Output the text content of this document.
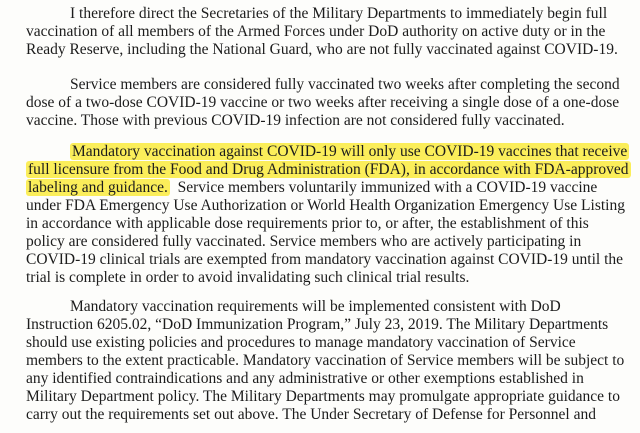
I therefore direct the Secretaries of the Military Departments to immediately begin full
vaccination of all members of the Armed Forces under DoD authority on active duty or in the
Ready Reserve, including the National Guard, who are not fully vaccinated against COVID-19.
Service members are considered fully vaccinated two weeks after completing the second
dose of a two-dose COVID-19 vaccine or two weeks after receiving a single dose of a one-dose
vaccine. Those with previous COVID-19 infection are not considered fully vaccinated.
Mandatory vaccination against COVID-19 will only use COVID-19 vaccines that receive
full licensure from the Food and Drug Administration (FDA), in accordance with FDA-approved
labeling and guidance. Service members voluntarily immunized with a COVID-19 vaccine
under FDA Emergency Use Authorization or World Health Organization Emergency Use Listing
in accordance with applicable dose requirements prior to, or after, the establishment of this
policy are considered fully vaccinated. Service members who are actively participating in
COVID-19 clinical trials are exempted from mandatory vaccination against COVID-19 until the
trial is complete in order to avoid invalidating such clinical trial results.
Mandatory vaccination requirements will be implemented consistent with DoD
Instruction 6205.02, “DoD Immunization Program,” July 23, 2019. The Military Departments
should use existing policies and procedures to manage mandatory vaccination of Service
members to the extent practicable. Mandatory vaccination of Service members will be subject to
any identified contraindications and any administrative or other exemptions established in
Military Department policy. The Military Departments may promulgate appropriate guidance to
carry out the requirements set out above. The Under Secretary of Defense for Personnel and
